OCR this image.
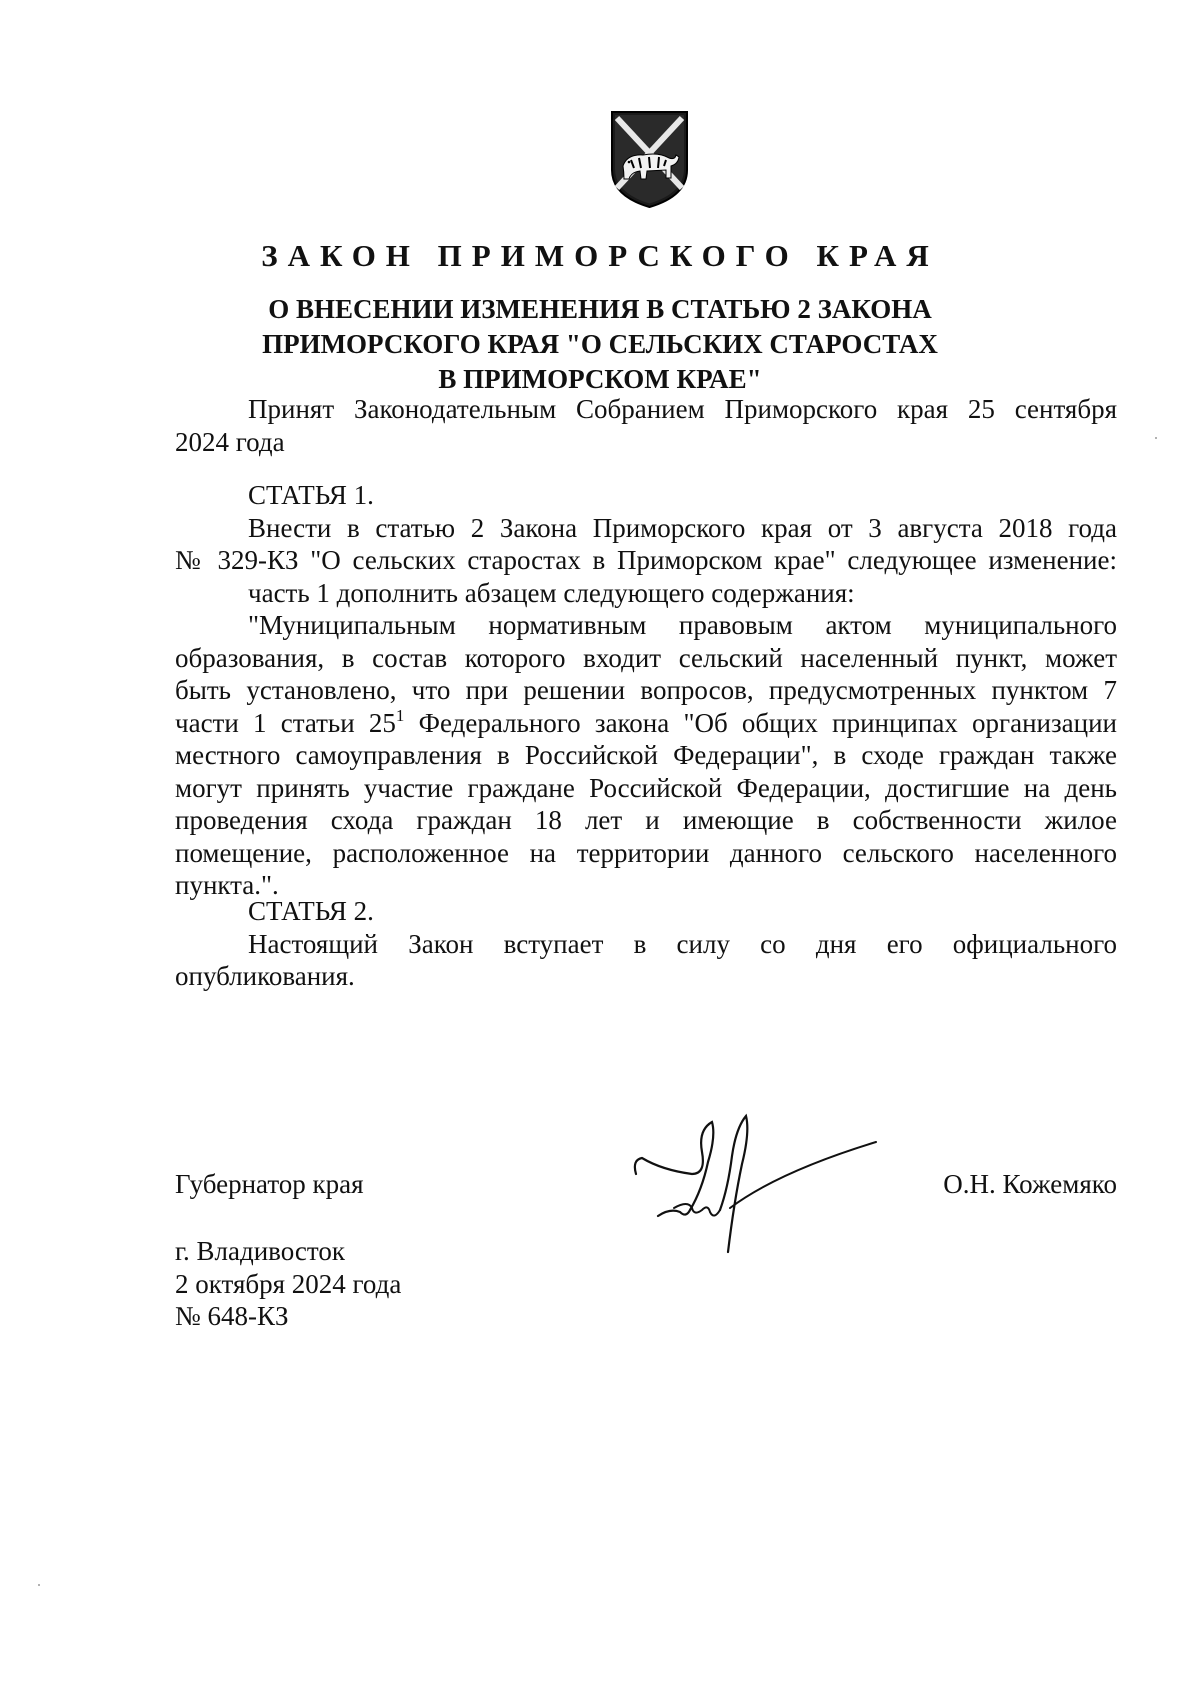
ЗАКОН ПРИМОРСКОГО КРАЯ
О ВНЕСЕНИИ ИЗМЕНЕНИЯ В СТАТЬЮ 2 ЗАКОНА
ПРИМОРСКОГО КРАЯ "О СЕЛЬСКИХ СТАРОСТАХ
В ПРИМОРСКОМ КРАЕ"
Принят Законодательным Собранием Приморского края 25 сентября
2024 года
СТАТЬЯ 1.
Внести в статью 2 Закона Приморского края от 3 августа 2018 года
№ 329-КЗ "О сельских старостах в Приморском крае" следующее изменение:
часть 1 дополнить абзацем следующего содержания:
"Муниципальным нормативным правовым актом муниципального
образования, в состав которого входит сельский населенный пункт, может
быть установлено, что при решении вопросов, предусмотренных пунктом 7
части 1 статьи $25^1$ Федерального закона "Об общих принципах организации
местного самоуправления в Российской Федерации", в сходе граждан также
могут принять участие граждане Российской Федерации, достигшие на день
проведения схода граждан 18 лет и имеющие в собственности жилое
помещение, расположенное на территории данного сельского населенного
пункта.".
СТАТЬЯ 2.
Настоящий Закон вступает в силу со дня его официального
опубликования.
Губернатор края	О.Н. Кожемяко
г. Владивосток
2 октября 2024 года
№ 648-КЗ
